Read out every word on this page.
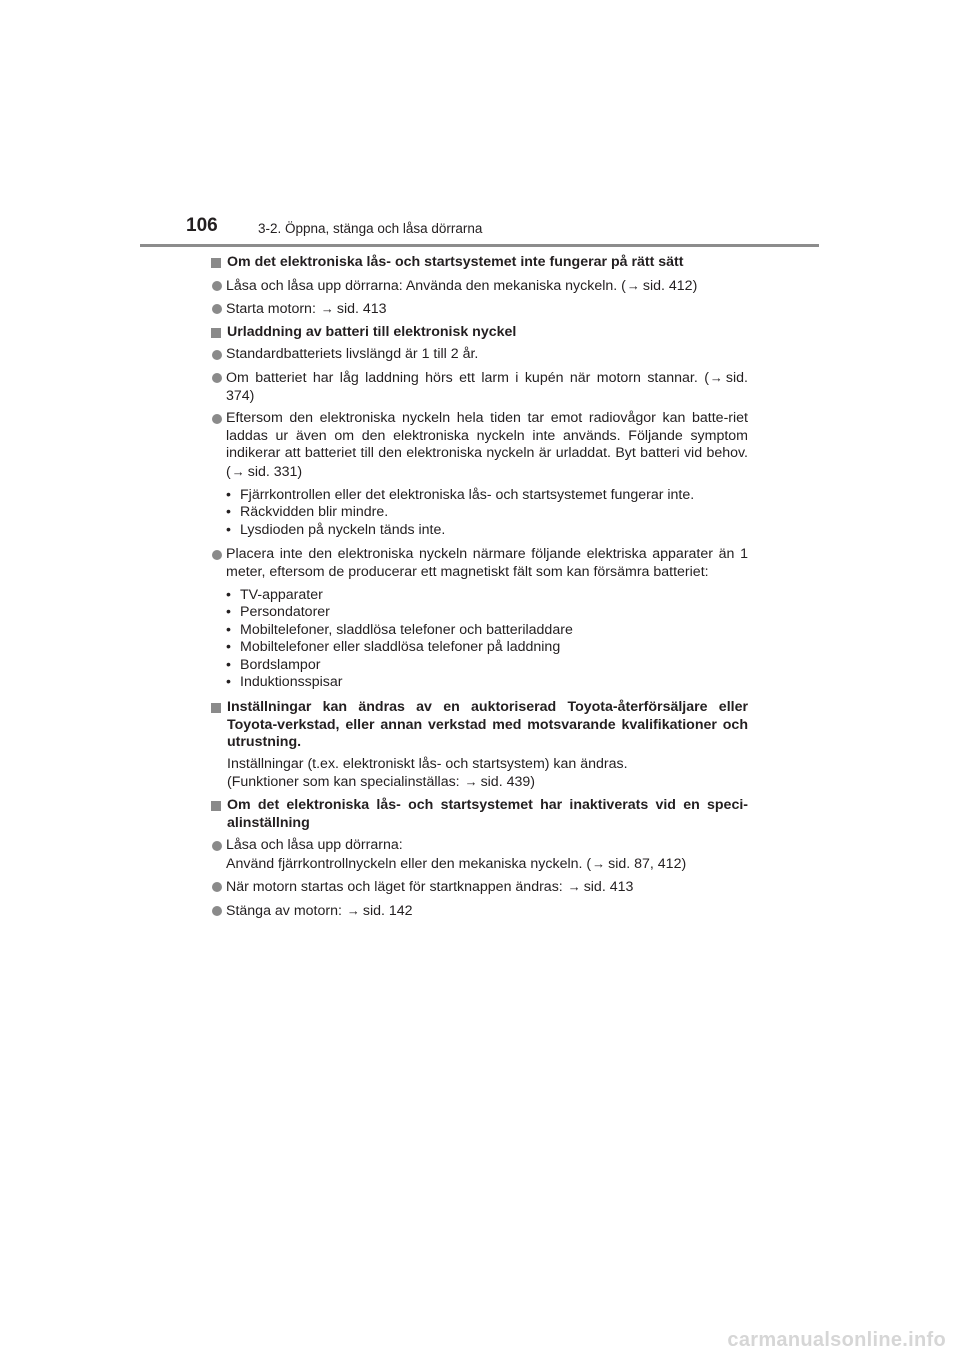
106	3-2. Öppna, stänga och låsa dörrarna
Om det elektroniska lås- och startsystemet inte fungerar på rätt sätt
Låsa och låsa upp dörrarna: Använda den mekaniska nyckeln. (→ sid. 412)
Starta motorn: → sid. 413
Urladdning av batteri till elektronisk nyckel
Standardbatteriets livslängd är 1 till 2 år.
Om batteriet har låg laddning hörs ett larm i kupén när motorn stannar. (→ sid. 374)
Eftersom den elektroniska nyckeln hela tiden tar emot radiovågor kan batte-riet laddas ur även om den elektroniska nyckeln inte används. Följande symptom indikerar att batteriet till den elektroniska nyckeln är urladdat. Byt batteri vid behov. (→ sid. 331)
• Fjärrkontrollen eller det elektroniska lås- och startsystemet fungerar inte.
• Räckvidden blir mindre.
• Lysdioden på nyckeln tänds inte.
Placera inte den elektroniska nyckeln närmare följande elektriska apparater än 1 meter, eftersom de producerar ett magnetiskt fält som kan försämra batteriet:
• TV-apparater
• Persondatorer
• Mobiltelefoner, sladdlösa telefoner och batteriladdare
• Mobiltelefoner eller sladdlösa telefoner på laddning
• Bordslampor
• Induktionsspisar
Inställningar kan ändras av en auktoriserad Toyota-återförsäljare eller Toyota-verkstad, eller annan verkstad med motsvarande kvalifikationer och utrustning.
Inställningar (t.ex. elektroniskt lås- och startsystem) kan ändras.
(Funktioner som kan specialinställas: → sid. 439)
Om det elektroniska lås- och startsystemet har inaktiverats vid en speci-alinställning
Låsa och låsa upp dörrarna:
Använd fjärrkontrollnyckeln eller den mekaniska nyckeln. (→ sid. 87, 412)
När motorn startas och läget för startknappen ändras: → sid. 413
Stänga av motorn: → sid. 142
carmanualsonline.info
